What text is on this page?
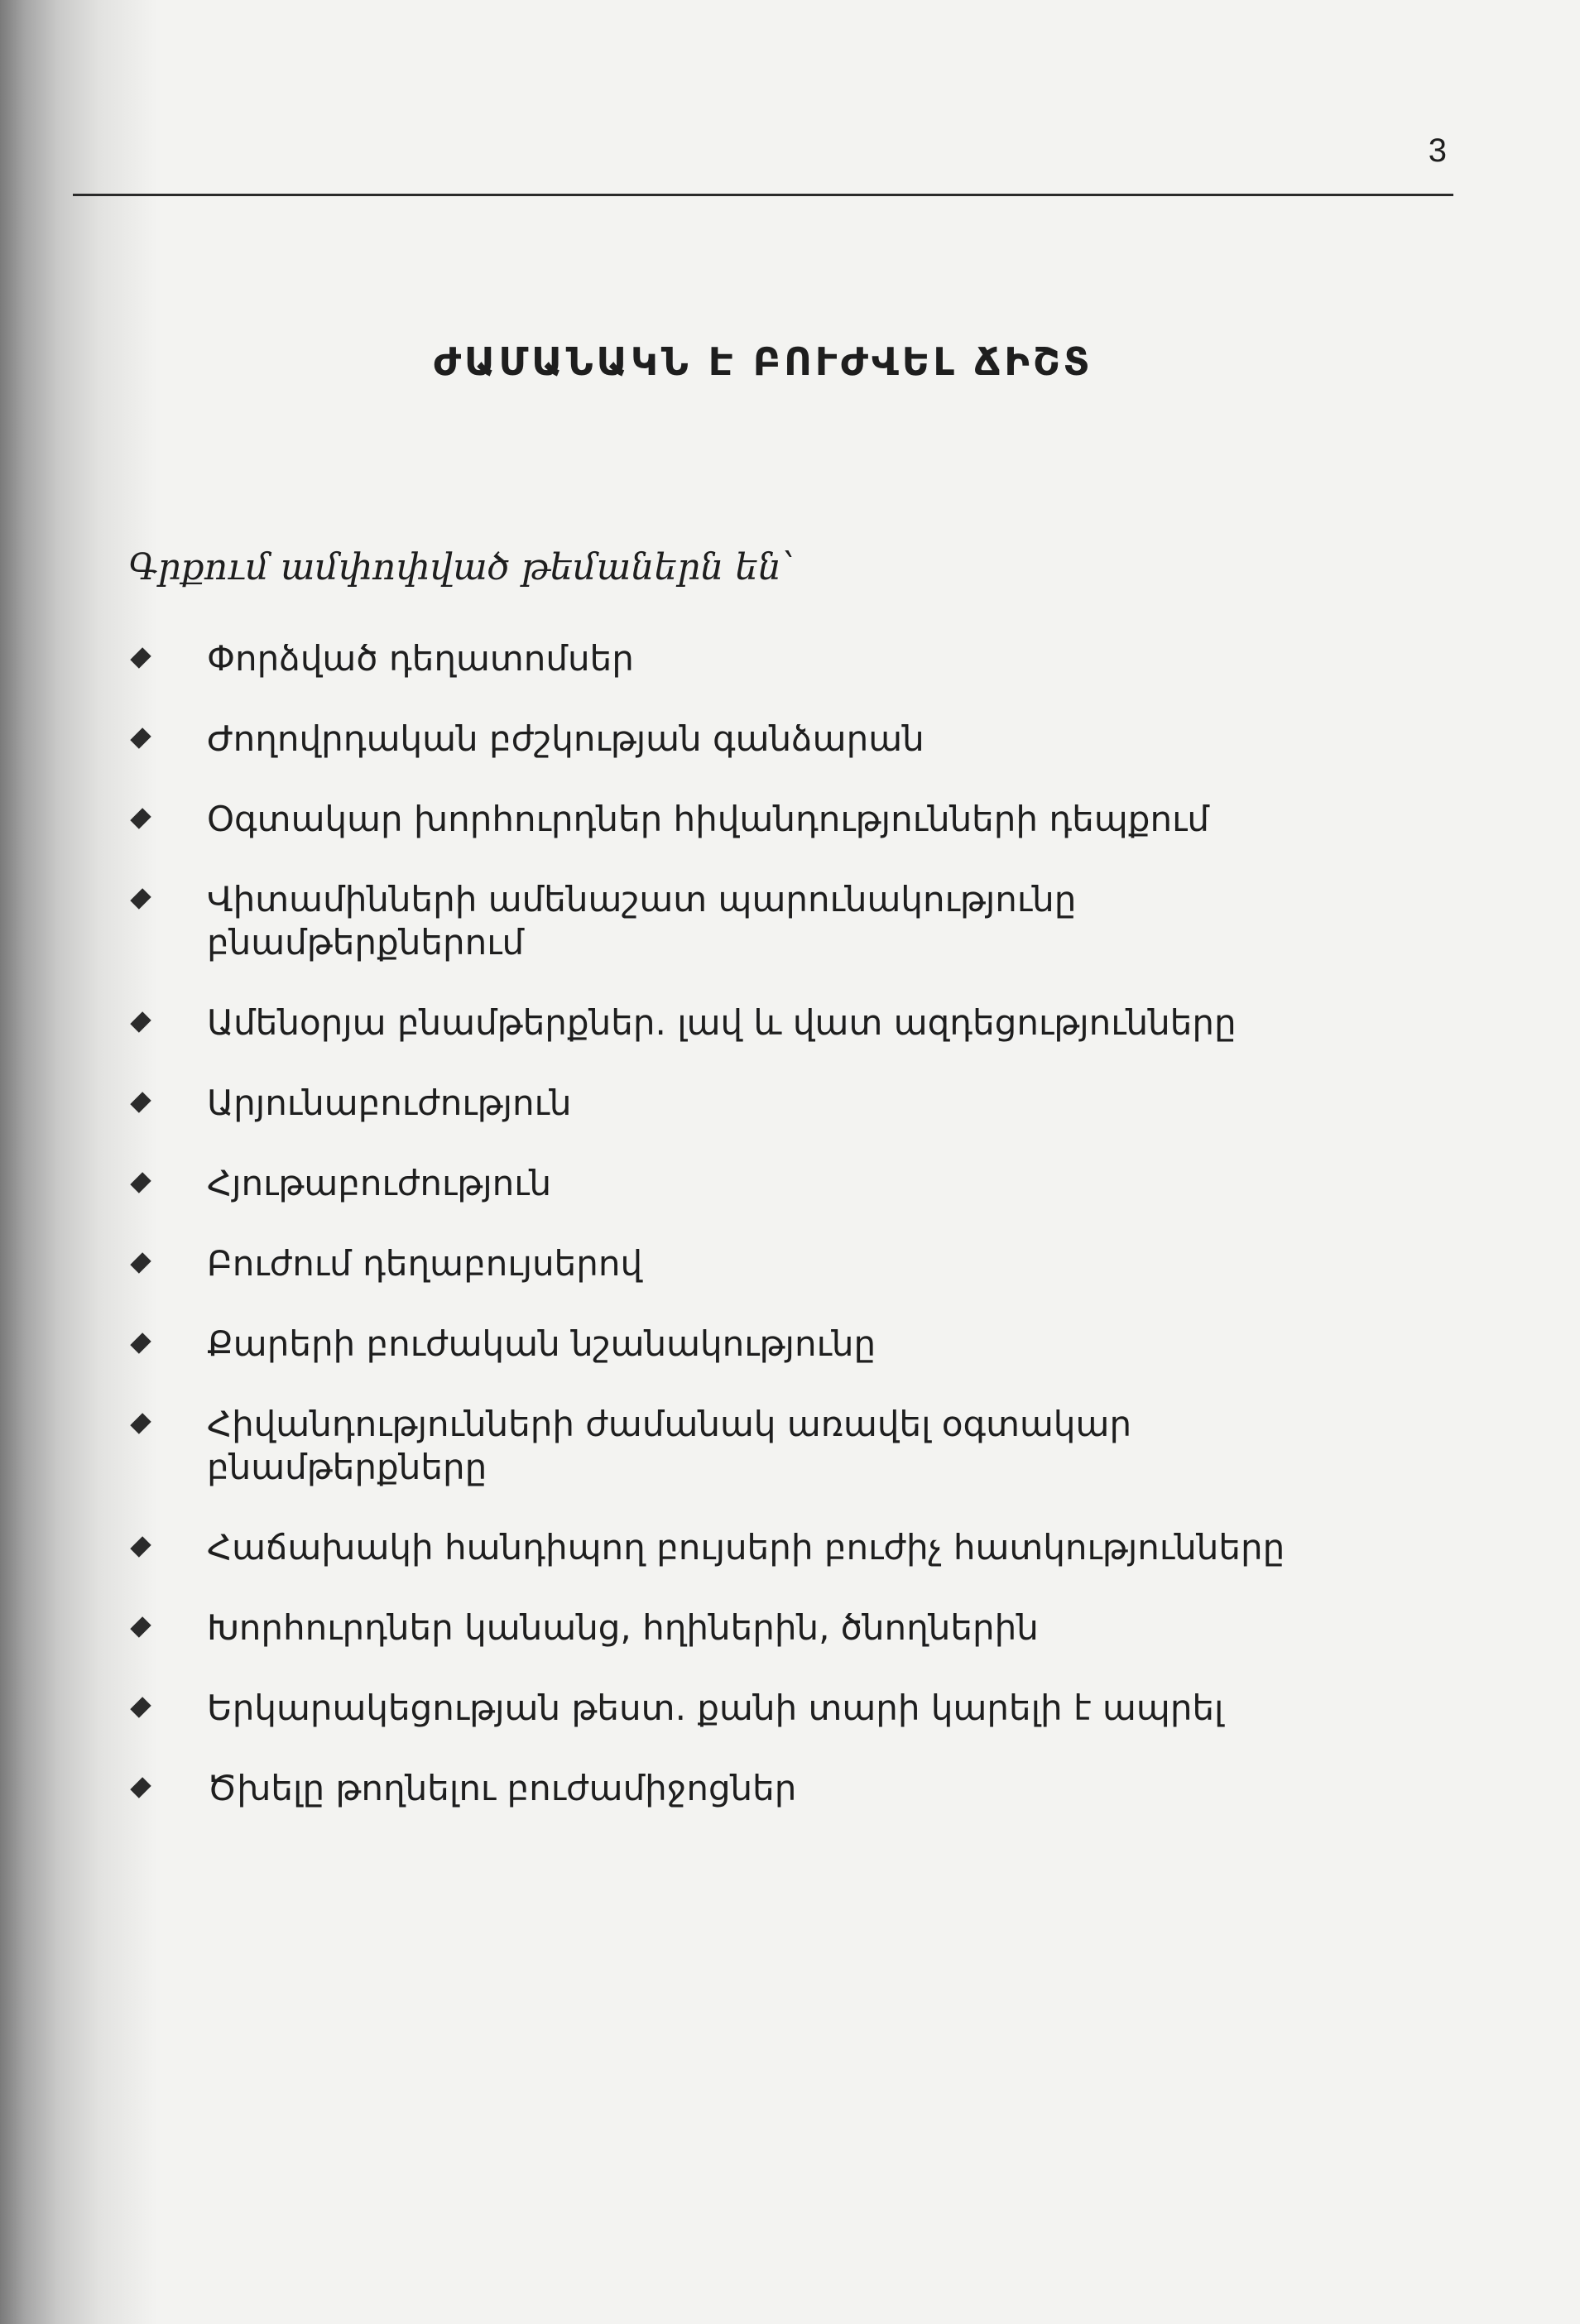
3
ԺԱՄԱՆԱԿՆ Է ԲՈՒԺՎԵԼ ՃԻՇՏ
Գրքում ամփոփված թեմաներն են՝
Փորձված դեղատոմսեր
Ժողովրդական բժշկության գանձարան
Օգտակար խորհուրդներ հիվանդությունների դեպքում
Վիտամինների ամենաշատ պարունակությունը բնամթերքներում
Ամենօրյա բնամթերքներ. լավ և վատ ազդեցությունները
Արյունաբուժություն
Հյութաբուժություն
Բուժում դեղաբույսերով
Քարերի բուժական նշանակությունը
Հիվանդությունների ժամանակ առավել օգտակար բնամթերքները
Հաճախակի հանդիպող բույսերի բուժիչ հատկությունները
Խորհուրդներ կանանց, հղիներին, ծնողներին
Երկարակեցության թեստ. քանի տարի կարելի է ապրել
Ծխելը թողնելու բուժամիջոցներ
